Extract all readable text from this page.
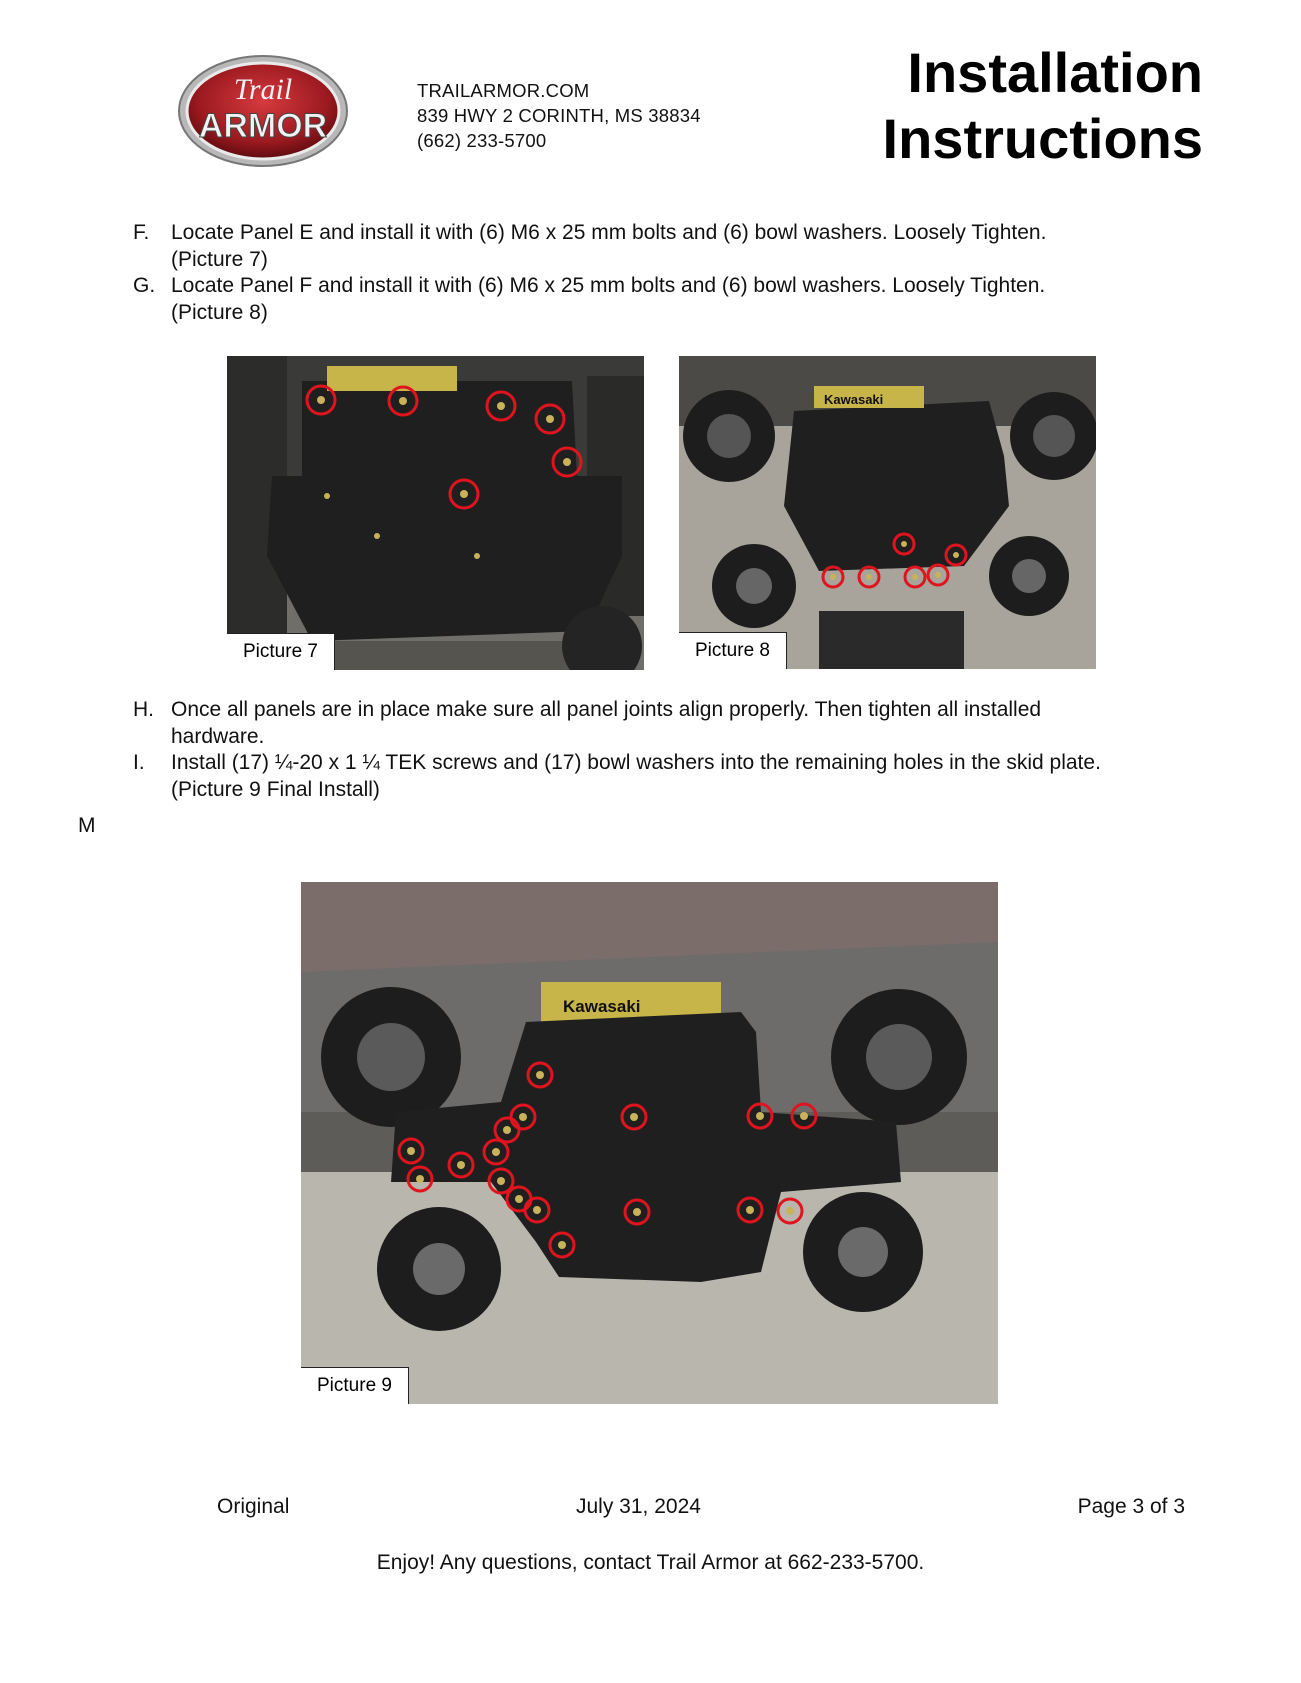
Trail
ARMOR
TRAILARMOR.COM
839 HWY 2 CORINTH, MS 38834
(662) 233-5700
Installation
Instructions
F.	Locate Panel E and install it with (6) M6 x 25 mm bolts and (6) bowl washers. Loosely Tighten.
(Picture 7)
G. Locate Panel F and install it with (6) M6 x 25 mm bolts and (6) bowl washers. Loosely Tighten.
(Picture 8)
Picture 7
Kawasaki
Picture 8
H. Once all panels are in place make sure all panel joints align properly. Then tighten all installed
hardware.
I.	Install (17) ¼-20 x 1 ¼ TEK screws and (17) bowl washers into the remaining holes in the skid plate.
(Picture 9 Final Install)
M
Kawasaki
Picture 9
Original	July 31, 2024	Page 3 of 3
Enjoy! Any questions, contact Trail Armor at 662-233-5700.
